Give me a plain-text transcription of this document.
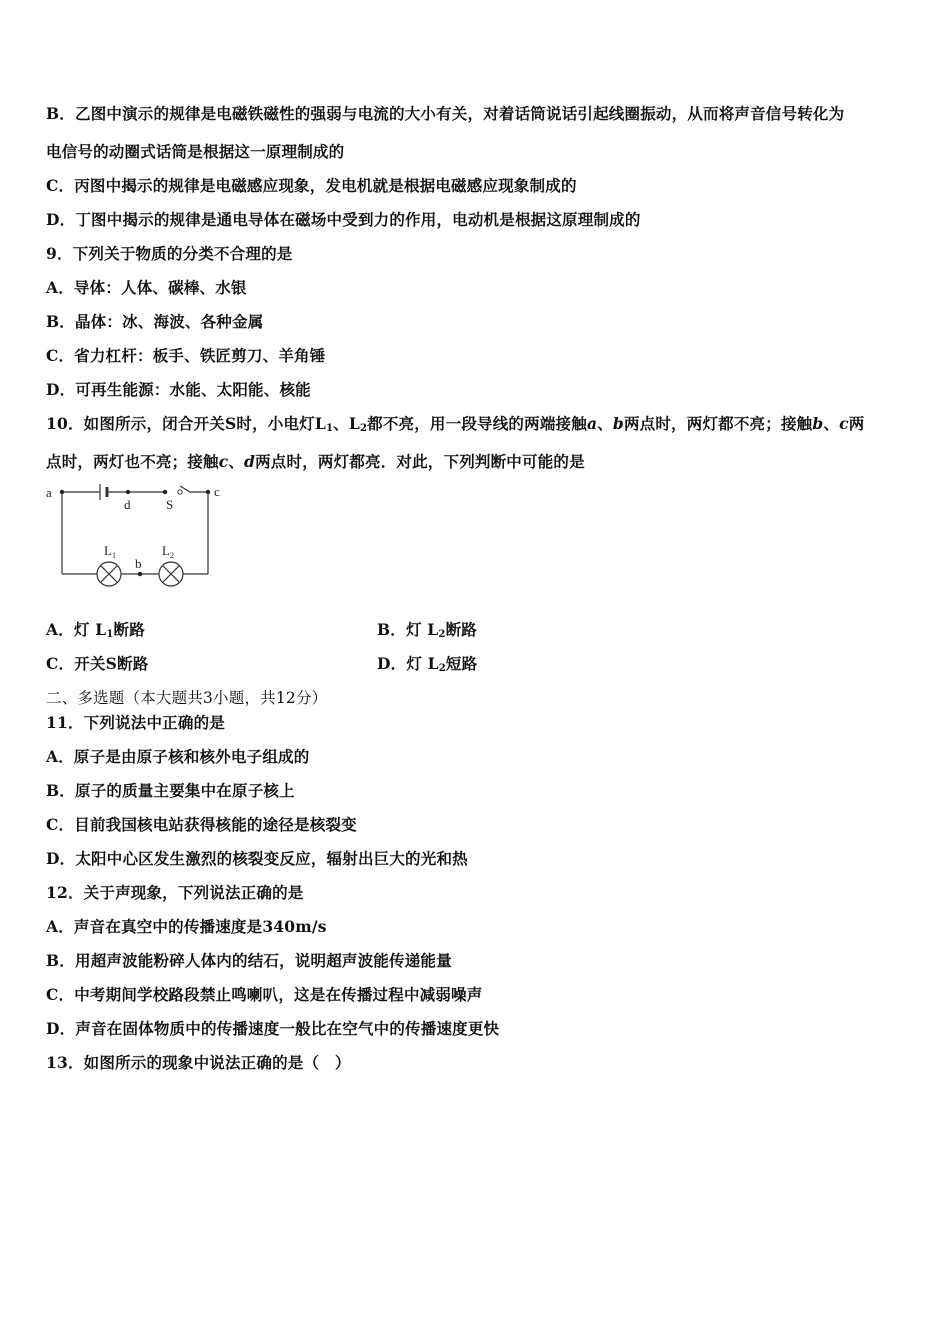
B．乙图中演示的规律是电磁铁磁性的强弱与电流的大小有关，对着话筒说话引起线圈振动，从而将声音信号转化为
电信号的动圈式话筒是根据这一原理制成的
C．丙图中揭示的规律是电磁感应现象，发电机就是根据电磁感应现象制成的
D．丁图中揭示的规律是通电导体在磁场中受到力的作用，电动机是根据这原理制成的
9．下列关于物质的分类不合理的是
A．导体：人体、碳棒、水银
B．晶体：冰、海波、各种金属
C．省力杠杆：板手、铁匠剪刀、羊角锤
D．可再生能源：水能、太阳能、核能
10．如图所示，闭合开关S时，小电灯$L_1$、$L_2$都不亮，用一段导线的两端接触a、b两点时，两灯都不亮；接触b、c两
点时，两灯也不亮；接触c、d两点时，两灯都亮．对此，下列判断中可能的是
a
d	S
c
$L_1$	$L_2$
b
A．灯 $L_1$断路	B．灯 $L_2$断路
C．开关S断路	D．灯 $L_2$短路
二、多选题（本大题共3小题，共12分）
11．下列说法中正确的是
A．原子是由原子核和核外电子组成的
B．原子的质量主要集中在原子核上
C．目前我国核电站获得核能的途径是核裂变
D．太阳中心区发生激烈的核裂变反应，辐射出巨大的光和热
12．关于声现象，下列说法正确的是
A．声音在真空中的传播速度是340m/s
B．用超声波能粉碎人体内的结石，说明超声波能传递能量
C．中考期间学校路段禁止鸣喇叭，这是在传播过程中减弱噪声
D．声音在固体物质中的传播速度一般比在空气中的传播速度更快
13．如图所示的现象中说法正确的是（　）
